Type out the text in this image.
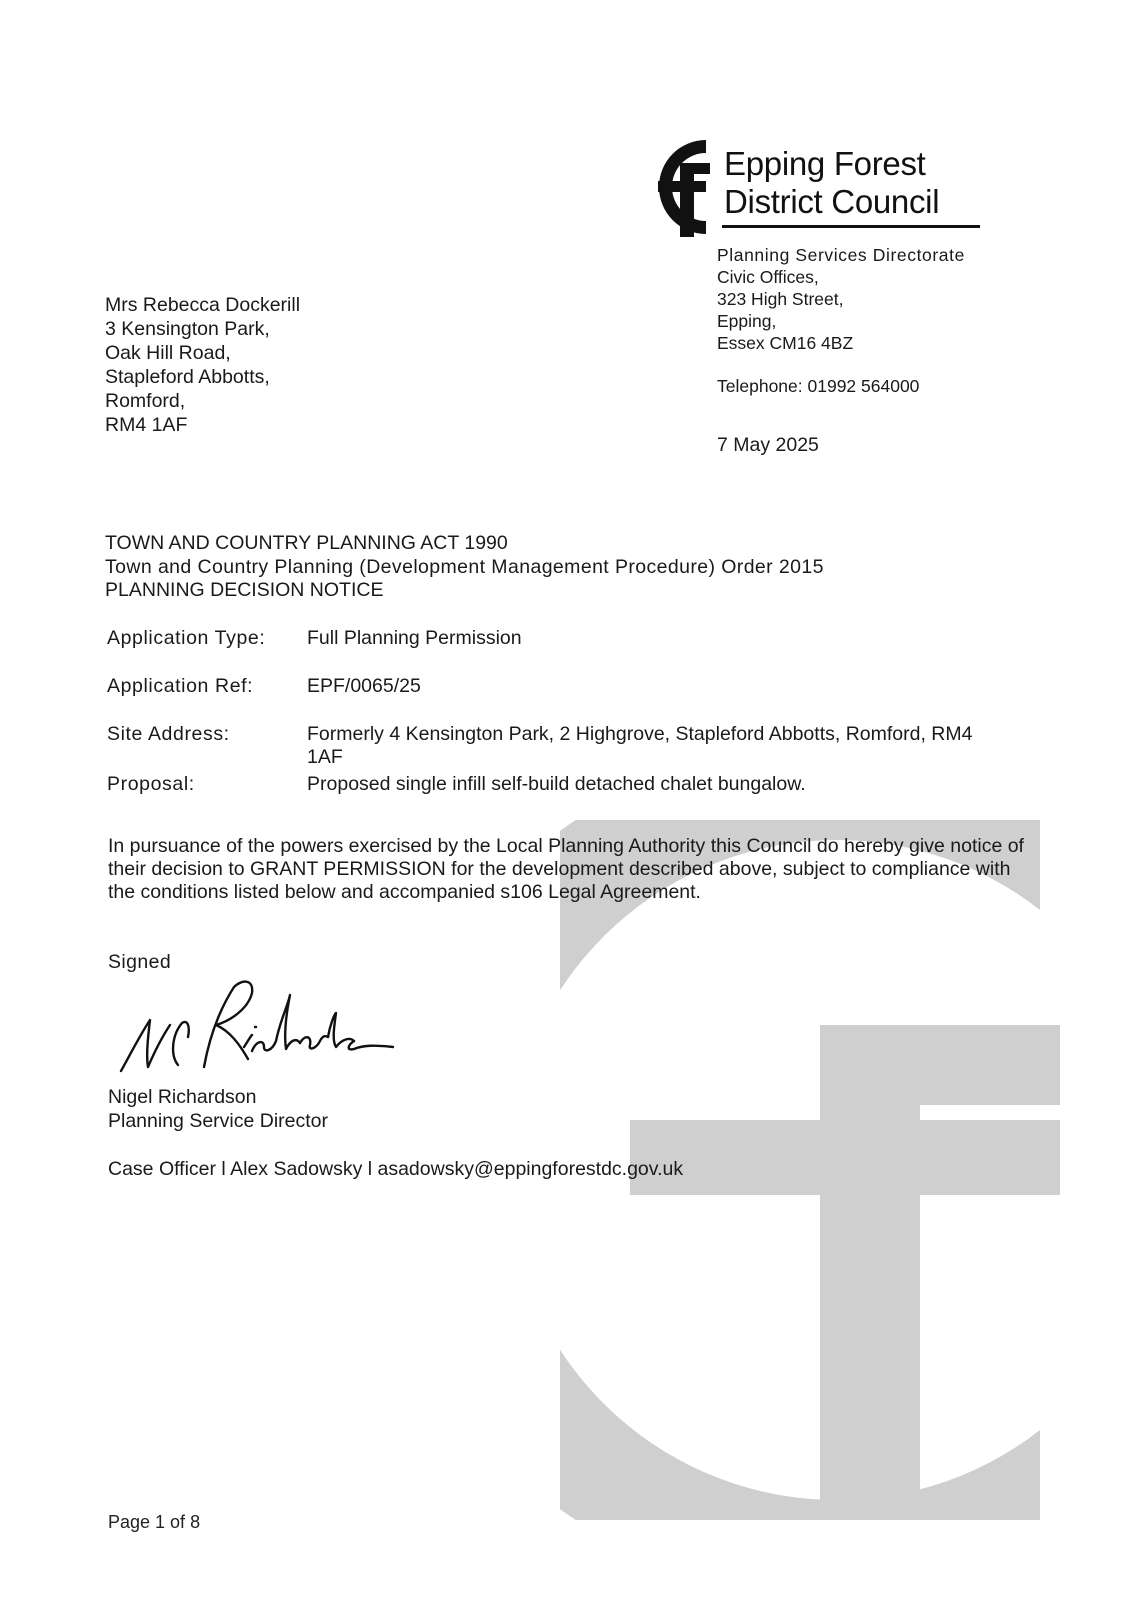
Epping Forest
District Council
Planning Services Directorate
Civic Offices,
323 High Street,
Epping,
Essex CM16 4BZ
Telephone: 01992 564000
7 May 2025
Mrs Rebecca Dockerill
3 Kensington Park,
Oak Hill Road,
Stapleford Abbotts,
Romford,
RM4 1AF
TOWN AND COUNTRY PLANNING ACT 1990
Town and Country Planning (Development Management Procedure) Order 2015
PLANNING DECISION NOTICE
Application Type: Full Planning Permission
Application Ref:	EPF/0065/25
Site Address:	Formerly 4 Kensington Park, 2 Highgrove, Stapleford Abbotts, Romford, RM4 1AF
Proposal:	Proposed single infill self-build detached chalet bungalow.
In pursuance of the powers exercised by the Local Planning Authority this Council do hereby give notice of their decision to GRANT PERMISSION for the development described above, subject to compliance with the conditions listed below and accompanied s106 Legal Agreement.
Signed
Nigel Richardson
Planning Service Director
Case Officer l Alex Sadowsky l asadowsky@eppingforestdc.gov.uk
Page 1 of 8
